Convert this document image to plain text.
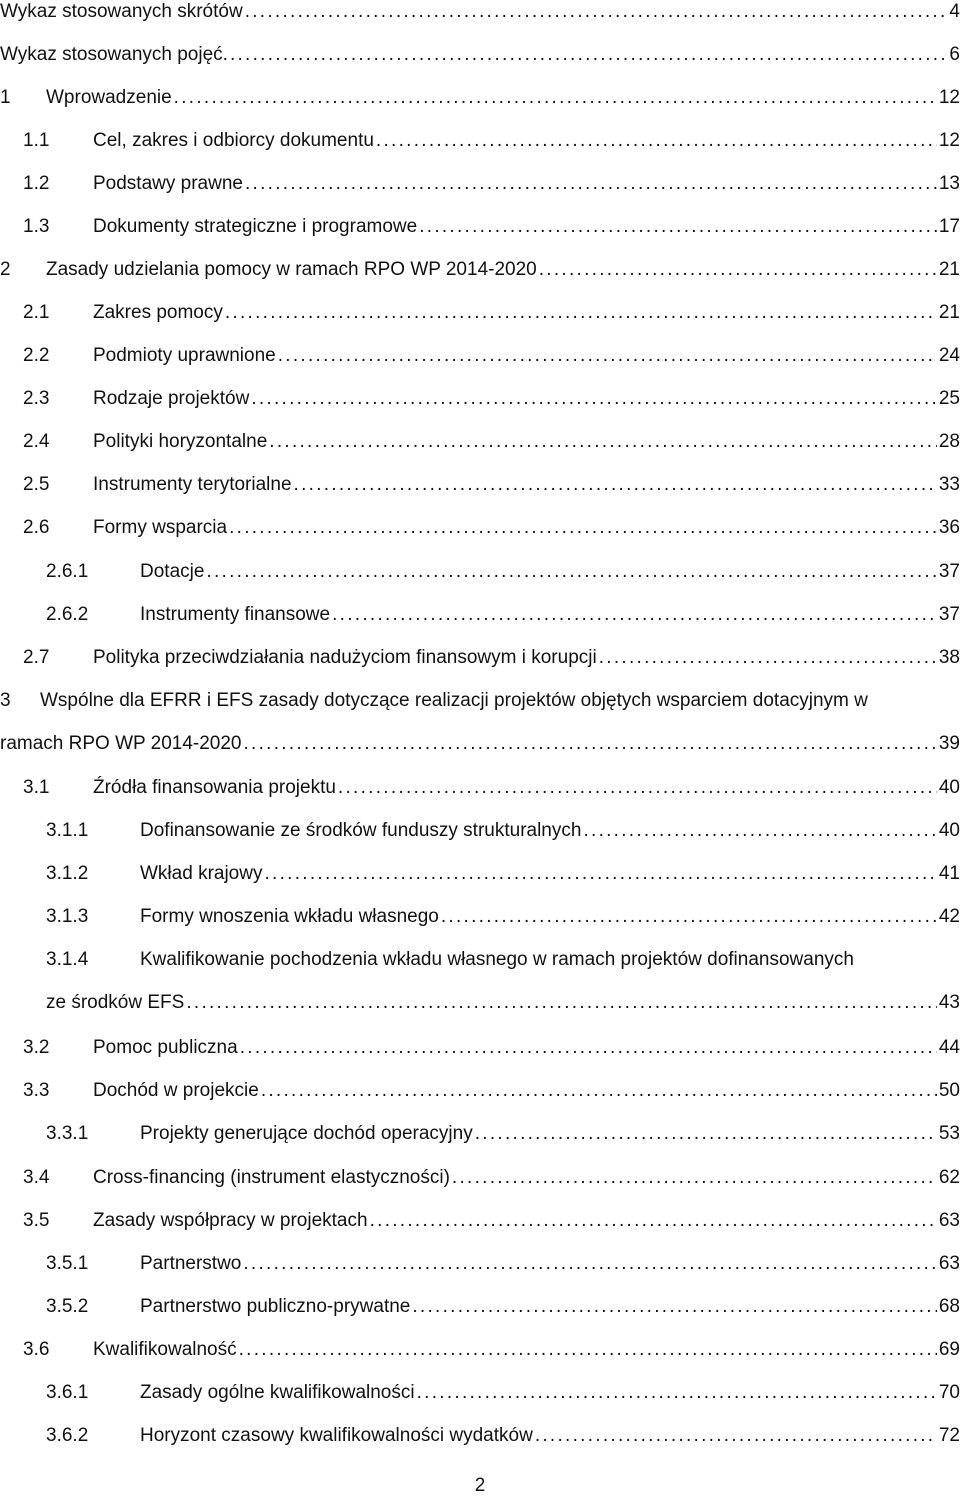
Wykaz stosowanych skrótów . . .	4
Wykaz stosowanych pojęć. . . .	6
1 Wprowadzenie . . .	12
1.1 Cel, zakres i odbiorcy dokumentu . . .	12
1.2 Podstawy prawne . . .	13
1.3 Dokumenty strategiczne i programowe . . .	17
2 Zasady udzielania pomocy w ramach RPO WP 2014-2020 . . .	21
2.1 Zakres pomocy . . .	21
2.2 Podmioty uprawnione . . .	24
2.3 Rodzaje projektów . . .	25
2.4 Polityki horyzontalne . . .	28
2.5 Instrumenty terytorialne . . .	33
2.6 Formy wsparcia . . .	36
2.6.1	Dotacje . . .	37
2.6.2	Instrumenty finansowe . . .	37
2.7 Polityka przeciwdziałania nadużyciom finansowym i korupcji . . .	38
3 Wspólne dla EFRR i EFS zasady dotyczące realizacji projektów objętych wsparciem dotacyjnym w
ramach RPO WP 2014-2020 . . .	39
3.1 Źródła finansowania projektu . . .	40
3.1.1	Dofinansowanie ze środków funduszy strukturalnych . . .	40
3.1.2	Wkład krajowy . . .	41
3.1.3	Formy wnoszenia wkładu własnego . . .	42
3.1.4	Kwalifikowanie pochodzenia wkładu własnego w ramach projektów dofinansowanych
ze środków EFS . . .	43
3.2 Pomoc publiczna . . .	44
3.3 Dochód w projekcie . . .	50
3.3.1	Projekty generujące dochód operacyjny . . .	53
3.4 Cross-financing (instrument elastyczności) . . .	62
3.5 Zasady współpracy w projektach . . .	63
3.5.1	Partnerstwo . . .	63
3.5.2	Partnerstwo publiczno-prywatne . . .	68
3.6 Kwalifikowalność . . .	69
3.6.1	Zasady ogólne kwalifikowalności . . .	70
3.6.2	Horyzont czasowy kwalifikowalności wydatków . . .	72
2
